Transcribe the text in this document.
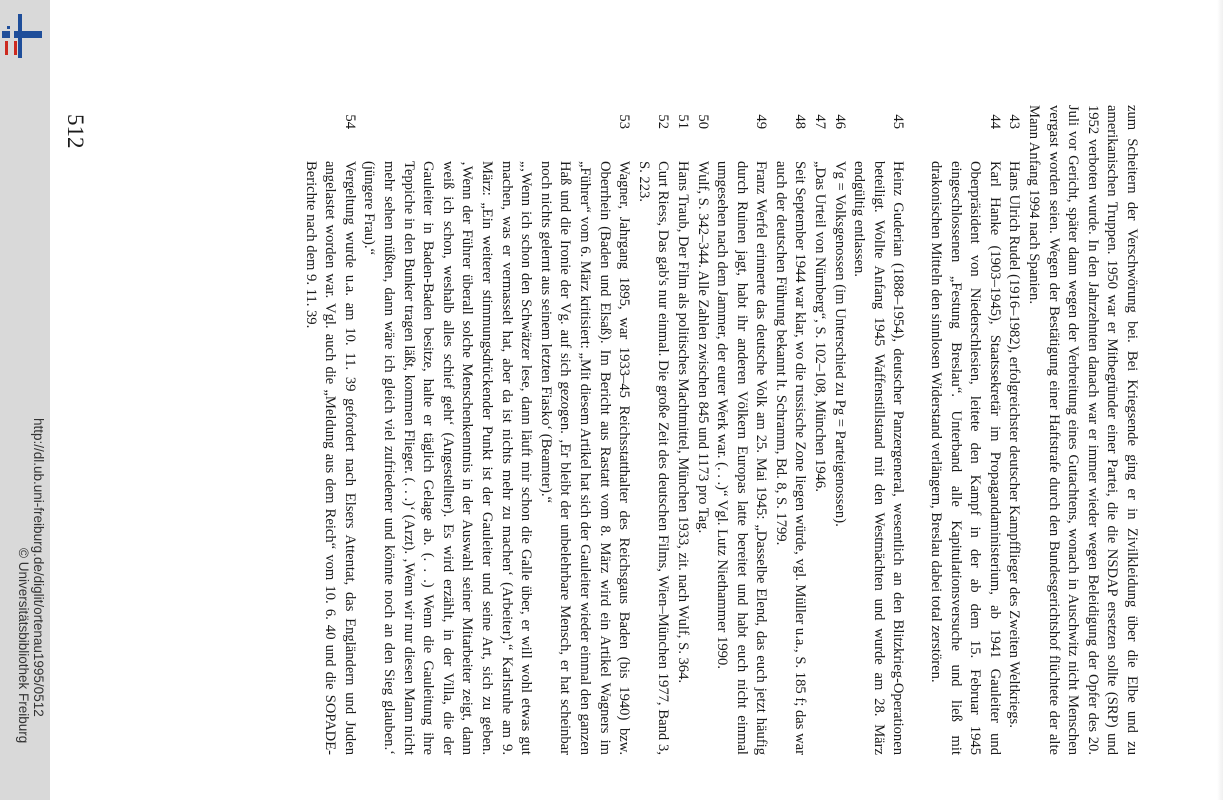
http://dl.ub.uni-freiburg.de/diglit/ortenau1995/0512
© Universitätsbibliothek Freiburg
512	zum Scheitern der Verschwörung bei. Bei Kriegsende ging er in Zivilkleidung über die Elbe und zu amerikanischen Truppen. 1950 war er Mitbegründer einer Partei, die die NSDAP ersetzen sollte (SRP) und 1952 verboten wurde. In den Jahrzehnten danach war er immer wieder wegen Beleidigung der Opfer des 20. Juli vor Gericht, später dann wegen der Verbreitung eines Gutachtens, wonach in Auschwitz nicht Menschen vergast worden seien. Wegen der Bestätigung einer Haftstrafe durch den Bundesgerichtshof flüchtete der alte Mann Anfang 1994 nach Spanien.

43
Hans Ulrich Rudel (1916–1982), erfolgreichster deutscher Kampfflieger des Zweiten Weltkriegs.
44
Karl Hanke (1903–1945), Staatssekretär im Propagandaministerium, ab 1941 Gauleiter und Oberpräsident von Niederschlesien, leitete den Kampf in der ab dem 15. Februar 1945 eingeschlossenen „Festung Breslau“. Unterband alle Kapitulationsversuche und ließ mit drakonischen Mitteln den sinnlosen Widerstand verlängern, Breslau dabei total zerstören.
45
Heinz Guderian (1888–1954), deutscher Panzergeneral, wesentlich an den Blitzkrieg-Operationen beteiligt. Wollte Anfang 1945 Waffenstillstand mit den Westmächten und wurde am 28. März endgültig entlassen.
46
Vg = Volksgenossen (im Unterschied zu Pg = Parteigenossen).
47
„Das Urteil von Nürnberg“, S. 102–108, München 1946.
48
Seit September 1944 war klar, wo die russische Zone liegen würde, vgl. Müller u.a., S. 185 f; das war auch der deutschen Führung bekannt lt. Schramm, Bd. 8, S. 1799.
49
Franz Werfel erinnerte das deutsche Volk am 25. Mai 1945: „Dasselbe Elend, das euch jetzt häufig durch Ruinen jagt, habt ihr anderen Völkern Europas latte bereitet und habt euch nicht einmal umgesehen nach dem Jammer, der eurer Werk war. (. . .)“ Vgl. Lutz Niethammer 1990.
50
Wulf, S. 342–344. Alle Zahlen zwischen 845 und 1173 pro Tag.
51
Hans Traub, Der Film als politisches Machtmittel, München 1933, zit. nach Wulf, S. 364.
52
Curt Riess, Das gab's nur einmal. Die große Zeit des deutschen Films, Wien–München 1977, Band 3, S. 223.
53
Wagner, Jahrgang 1895, war 1933–45 Reichsstatthalter des Reichsgaus Baden (bis 1940) bzw. Oberrhein (Baden und Elsaß). Im Bericht aus Rastatt vom 8. März wird ein Artikel Wagners im „Führer“ vom 6. März kritisiert: „Mit diesem Artikel hat sich der Gauleiter wieder einmal den ganzen Haß und die Ironie der Vg. auf sich gezogen. ‚Er bleibt der unbelehrbare Mensch, er hat scheinbar noch nichts gelernt aus seinem letzten Fiasko‘ (Beamter).“
„‚Wenn ich schon den Schwätzer lese, dann läuft mir schon die Galle über, er will wohl etwas gut machen, was er vermasselt hat, aber da ist nichts mehr zu machen‘ (Arbeiter).“ Karlsruhe am 9. März: „Ein weiterer stimmungsdrückender Punkt ist der Gauleiter und seine Art, sich zu geben. ‚Wenn der Führer überall solche Menschenkenntnis in der Auswahl seiner Mitarbeiter zeigt, dann weiß ich schon, weshalb alles schief geht‘ (Angestellter). Es wird erzählt, in der Villa, die der Gauleiter in Baden-Baden besitze, halte er täglich Gelage ab. (. . .) Wenn die Gauleitung ihre Teppiche in den Bunker tragen läßt, kommen Flieger. (. . .)‘ (Arzt). ‚Wenn wir nur diesen Mann nicht mehr sehen müßten, dann wäre ich gleich viel zufriedener und könnte noch an den Sieg glauben.‘ (jüngere Frau).“
54
Vergeltung wurde u.a. am 10. 11. 39 gefordert nach Elsers Attentat, das Engländern und Juden angelastet worden war. Vgl. auch die „Meldung aus dem Reich“ vom 10. 6. 40 und die SOPADE-Berichte nach dem 9. 11. 39.
